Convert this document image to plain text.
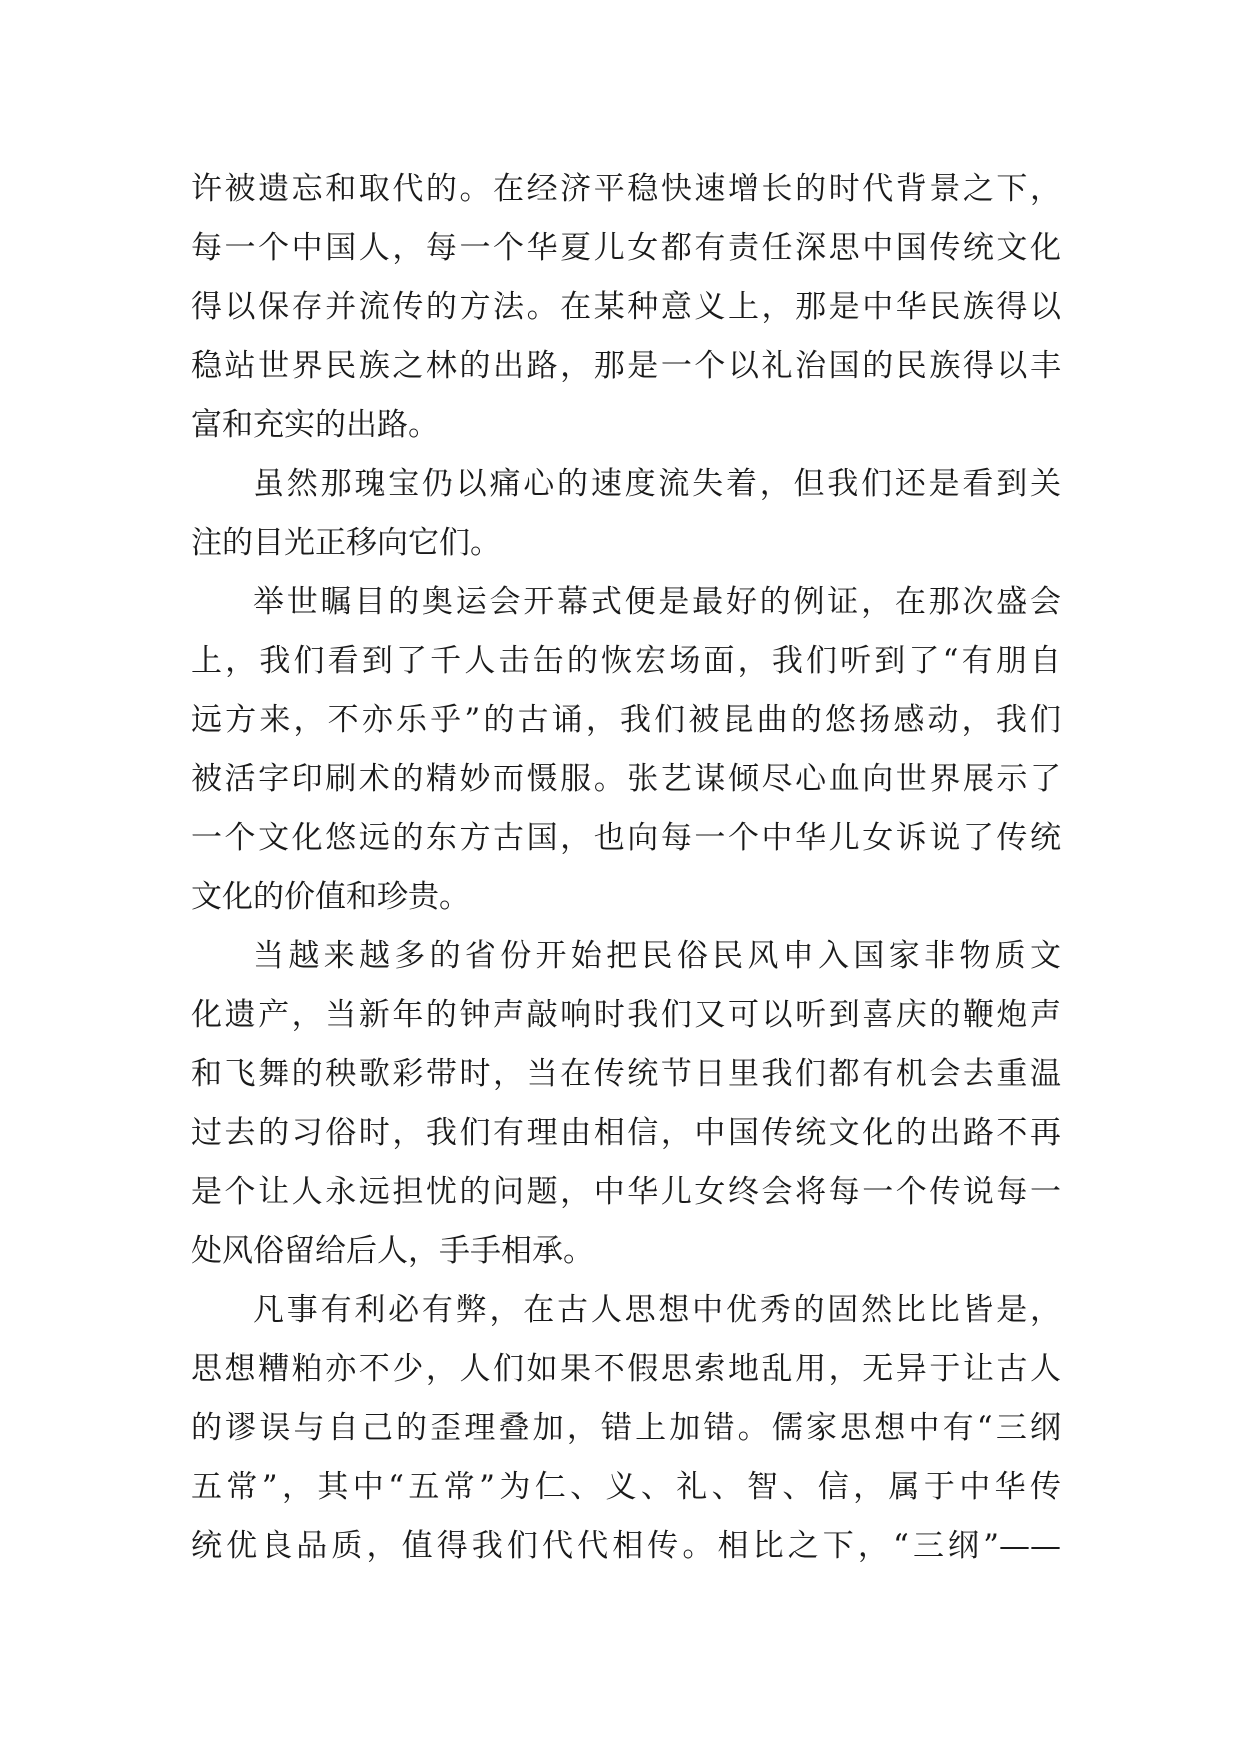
许被遗忘和取代的。在经济平稳快速增长的时代背景之下，
每一个中国人，每一个华夏儿女都有责任深思中国传统文化
得以保存并流传的方法。在某种意义上，那是中华民族得以
稳站世界民族之林的出路，那是一个以礼治国的民族得以丰
富和充实的出路。
虽然那瑰宝仍以痛心的速度流失着，但我们还是看到关
注的目光正移向它们。
举世瞩目的奥运会开幕式便是最好的例证，在那次盛会
上，我们看到了千人击缶的恢宏场面，我们听到了“有朋自
远方来，不亦乐乎”的古诵，我们被昆曲的悠扬感动，我们
被活字印刷术的精妙而慑服。张艺谋倾尽心血向世界展示了
一个文化悠远的东方古国，也向每一个中华儿女诉说了传统
文化的价值和珍贵。
当越来越多的省份开始把民俗民风申入国家非物质文
化遗产，当新年的钟声敲响时我们又可以听到喜庆的鞭炮声
和飞舞的秧歌彩带时，当在传统节日里我们都有机会去重温
过去的习俗时，我们有理由相信，中国传统文化的出路不再
是个让人永远担忧的问题，中华儿女终会将每一个传说每一
处风俗留给后人，手手相承。
凡事有利必有弊，在古人思想中优秀的固然比比皆是，
思想糟粕亦不少，人们如果不假思索地乱用，无异于让古人
的谬误与自己的歪理叠加，错上加错。儒家思想中有“三纲
五常”，其中“五常”为仁、义、礼、智、信，属于中华传
统优良品质，值得我们代代相传。相比之下，“三纲”——
